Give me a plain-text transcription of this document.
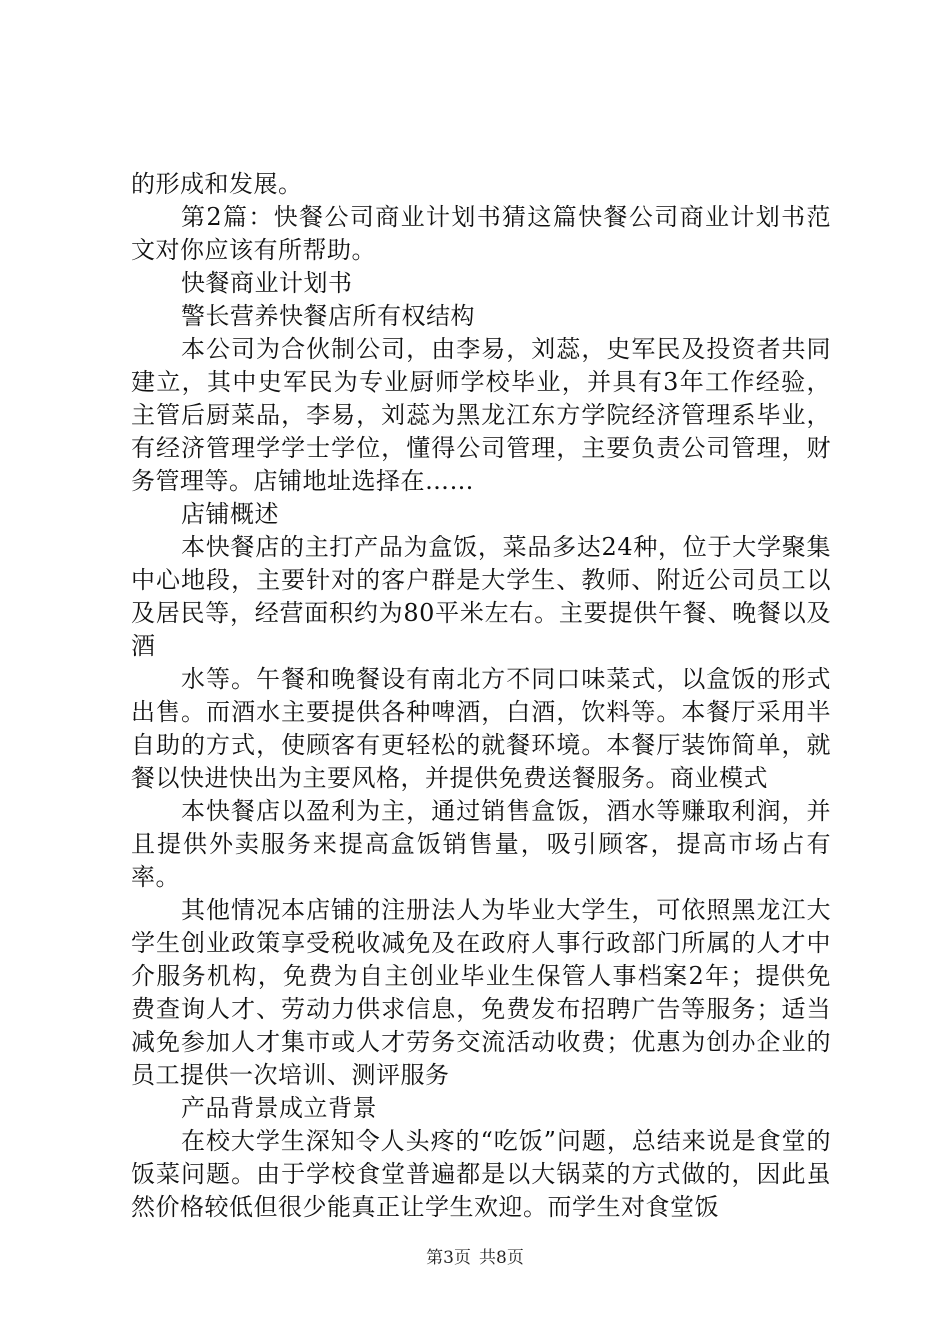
的形成和发展。

第2篇：快餐公司商业计划书猜这篇快餐公司商业计划书范文对你应该有所帮助。

快餐商业计划书

警长营养快餐店所有权结构

本公司为合伙制公司，由李易，刘蕊，史军民及投资者共同建立，其中史军民为专业厨师学校毕业，并具有3年工作经验，主管后厨菜品，李易，刘蕊为黑龙江东方学院经济管理系毕业，有经济管理学学士学位，懂得公司管理，主要负责公司管理，财务管理等。店铺地址选择在……

店铺概述

本快餐店的主打产品为盒饭，菜品多达24种，位于大学聚集中心地段，主要针对的客户群是大学生、教师、附近公司员工以及居民等，经营面积约为80平米左右。主要提供午餐、晚餐以及酒

水等。午餐和晚餐设有南北方不同口味菜式，以盒饭的形式出售。而酒水主要提供各种啤酒，白酒，饮料等。本餐厅采用半自助的方式，使顾客有更轻松的就餐环境。本餐厅装饰简单，就餐以快进快出为主要风格，并提供免费送餐服务。商业模式

本快餐店以盈利为主，通过销售盒饭，酒水等赚取利润，并且提供外卖服务来提高盒饭销售量，吸引顾客，提高市场占有率。

其他情况本店铺的注册法人为毕业大学生，可依照黑龙江大学生创业政策享受税收减免及在政府人事行政部门所属的人才中介服务机构，免费为自主创业毕业生保管人事档案2年；提供免费查询人才、劳动力供求信息，免费发布招聘广告等服务；适当减免参加人才集市或人才劳务交流活动收费；优惠为创办企业的员工提供一次培训、测评服务

产品背景成立背景

在校大学生深知令人头疼的“吃饭”问题，总结来说是食堂的饭菜问题。由于学校食堂普遍都是以大锅菜的方式做的，因此虽然价格较低但很少能真正让学生欢迎。而学生对食堂饭

第3页 共8页
